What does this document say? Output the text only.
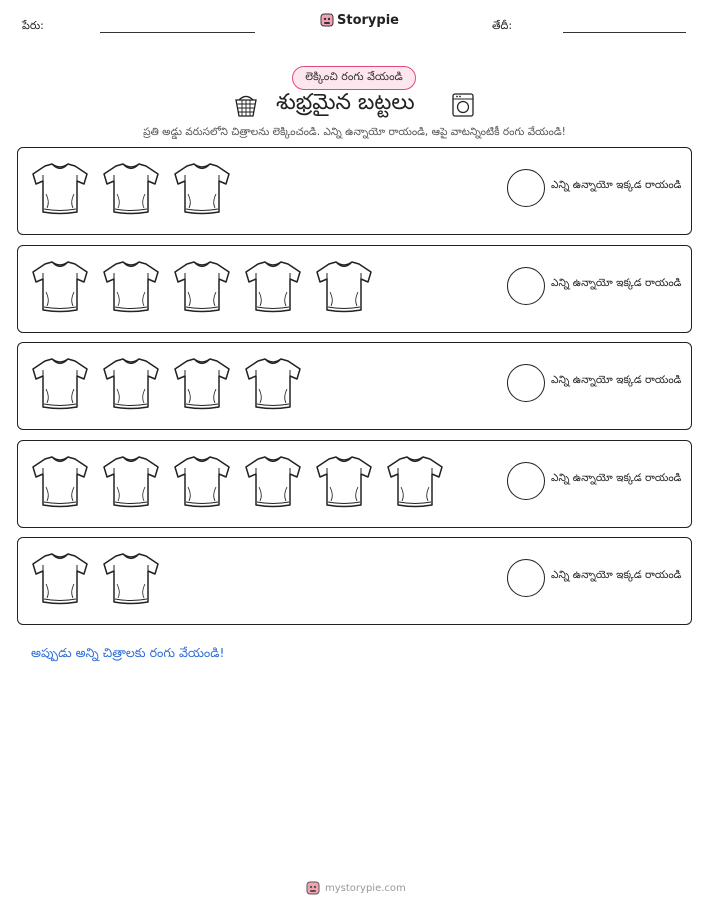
పేరు:	Storypie	తేదీ:
లెక్కించి రంగు వేయండి
శుభ్రమైన బట్టలు
ప్రతి అడ్డు వరుసలోని చిత్రాలను లెక్కించండి. ఎన్ని ఉన్నాయో రాయండి, ఆపై వాటన్నింటికీ రంగు వేయండి!
ఎన్ని ఉన్నాయో ఇక్కడ రాయండి
ఎన్ని ఉన్నాయో ఇక్కడ రాయండి
ఎన్ని ఉన్నాయో ఇక్కడ రాయండి
ఎన్ని ఉన్నాయో ఇక్కడ రాయండి
ఎన్ని ఉన్నాయో ఇక్కడ రాయండి
అప్పుడు అన్ని చిత్రాలకు రంగు వేయండి!
mystorypie.com
